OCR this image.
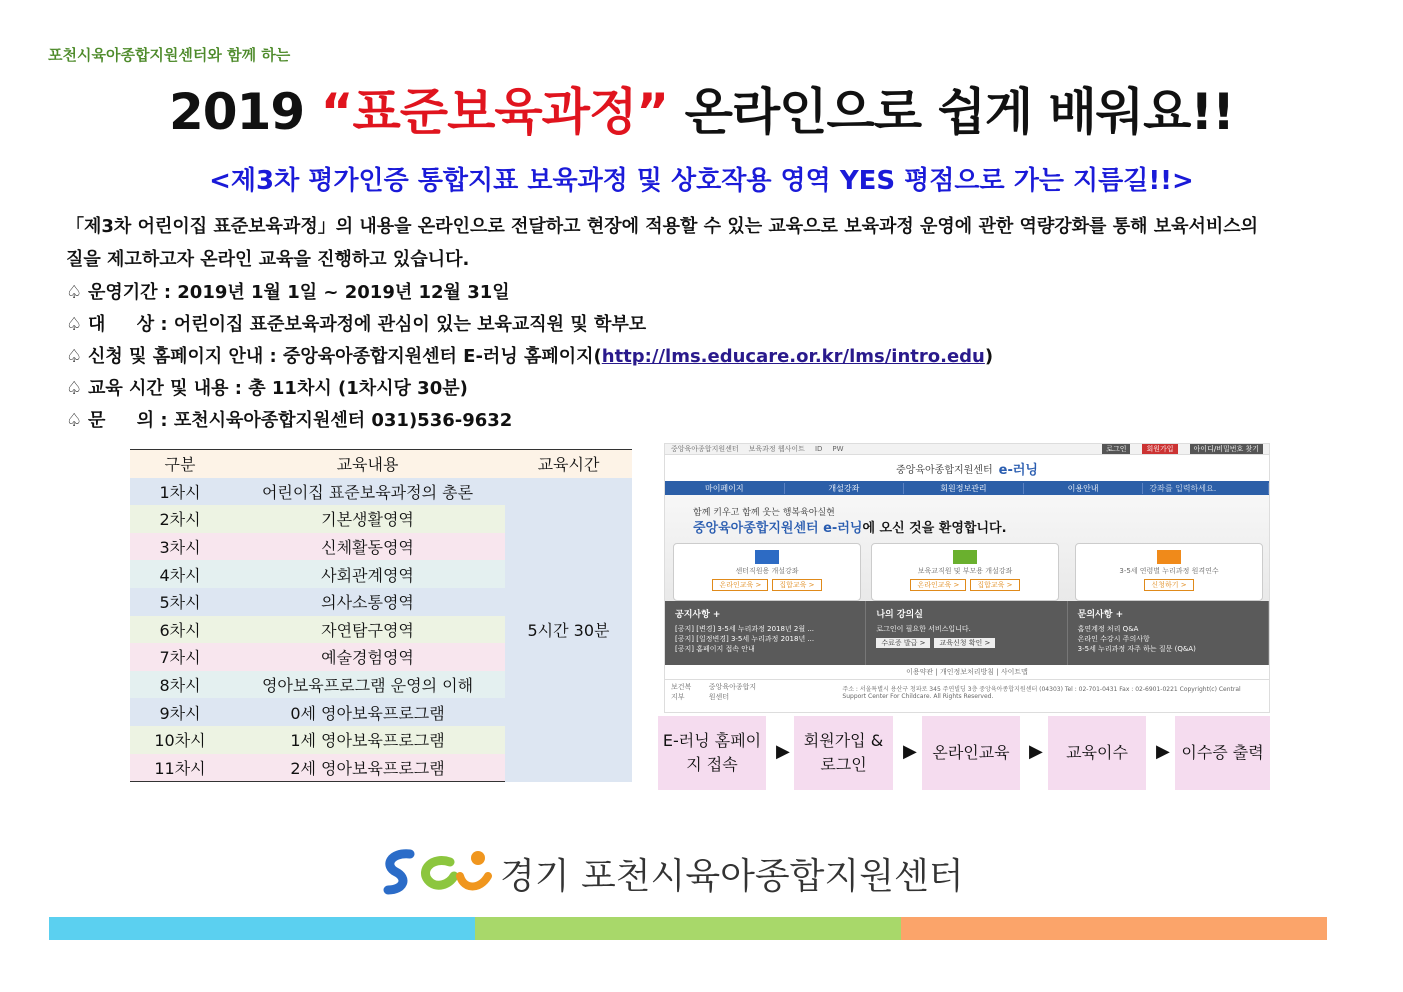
포천시육아종합지원센터와 함께 하는
2019 “표준보육과정” 온라인으로 쉽게 배워요!!
<제3차 평가인증 통합지표 보육과정 및 상호작용 영역 YES 평점으로 가는 지름길!!>
「제3차 어린이집 표준보육과정」의 내용을 온라인으로 전달하고 현장에 적용할 수 있는 교육으로 보육과정 운영에 관한 역량강화를 통해 보육서비스의 질을 제고하고자 온라인 교육을 진행하고 있습니다.
♤ 운영기간 : 2019년 1월 1일 ~ 2019년 12월 31일
♤ 대     상 : 어린이집 표준보육과정에 관심이 있는 보육교직원 및 학부모
♤ 신청 및 홈페이지 안내 : 중앙육아종합지원센터 E-러닝 홈페이지(http://lms.educare.or.kr/lms/intro.edu)
♤ 교육 시간 및 내용 : 총 11차시 (1차시당 30분)
♤ 문     의 : 포천시육아종합지원센터 031)536-9632
구분	교육내용	교육시간
1차시	어린이집 표준보육과정의 총론	5시간 30분
2차시	기본생활영역	
3차시	신체활동영역	
4차시	사회관계영역	
5차시	의사소통영역	
6차시	자연탐구영역	
7차시	예술경험영역	
8차시	영아보육프로그램 운영의 이해	
9차시	0세 영아보육프로그램	
10차시	1세 영아보육프로그램	
11차시	2세 영아보육프로그램	
중앙육아종합지원센터 보육과정 웹사이트 ID PW	로그인	회원가입	아이디/비밀번호 찾기
중앙육아종합지원센터 e-러닝
마이페이지	개설강좌	회원정보관리	이용안내	강좌를 입력하세요.
함께 키우고 함께 웃는 행복육아실현
중앙육아종합지원센터 e-러닝에 오신 것을 환영합니다.
센터직원용 개설강좌
온라인교육 >	집합교육 >
보육교직원 및 부모용 개설강좌
온라인교육 >	집합교육 >
3-5세 연령별 누리과정 원격연수
신청하기 >
공지사항 +
[공지] [변경] 3-5세 누리과정 2018년 2월 ...
[공지] [일정변경] 3-5세 누리과정 2018년 ...
[공지] 홈페이지 접속 안내
나의 강의실
로그인이 필요한 서비스입니다.
수료증 발급 > 교육신청 확인 >
문의사항 +
홈연계정 처리 Q&A
온라인 수강시 주의사항
3-5세 누리과정 자주 하는 질문 (Q&A)
이용약관 | 개인정보처리방침 | 사이트맵
보건복지부
중앙육아종합지원센터
주소 : 서울특별시 용산구 청파로 345 주연빌딩 3층 중앙육아종합지원센터 (04303) Tel : 02-701-0431 Fax : 02-6901-0221 Copyright(c) Central Support Center For Childcare. All Rights Reserved.
E-러닝 홈페이지 접속
▶
회원가입 & 로그인
▶ 온라인교육	▶	교육이수	▶ 이수증 출력
경기 포천시육아종합지원센터
